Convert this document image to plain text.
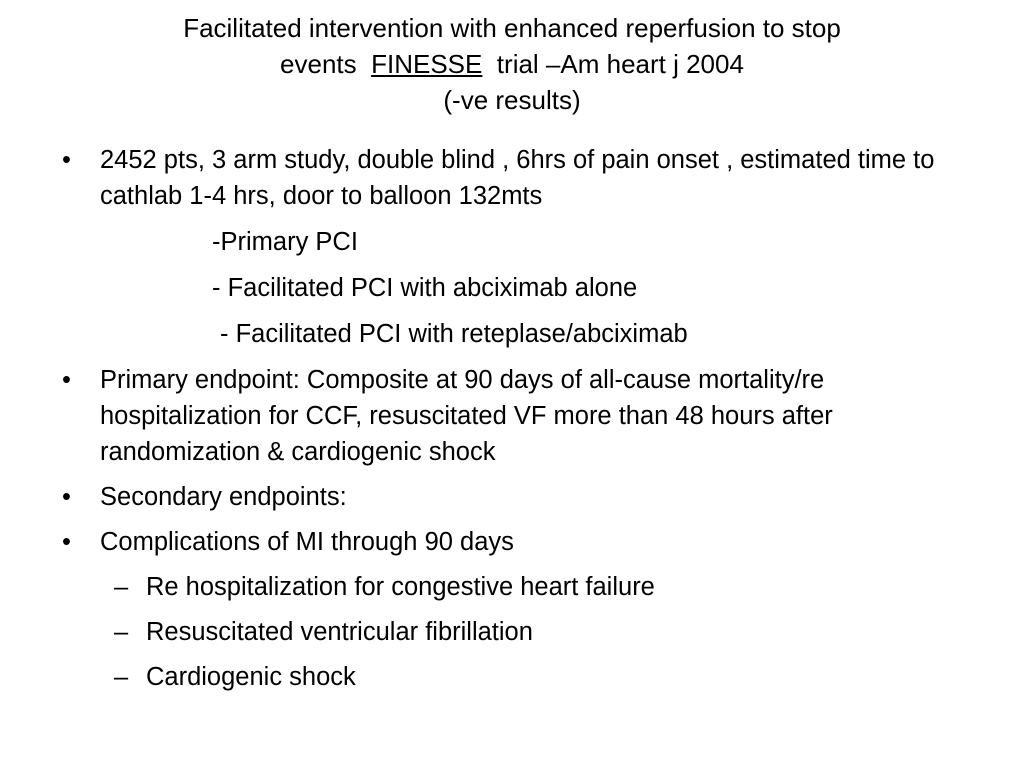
Facilitated intervention with enhanced reperfusion to stop
events  FINESSE  trial –Am heart j 2004
(-ve results)
• 2452 pts, 3 arm study, double blind , 6hrs of pain onset , estimated time to cathlab 1-4 hrs, door to balloon 132mts
-Primary PCI
- Facilitated PCI with abciximab alone
- Facilitated PCI with reteplase/abciximab
• Primary endpoint: Composite at 90 days of all-cause mortality/re hospitalization for CCF, resuscitated VF more than 48 hours after randomization & cardiogenic shock
• Secondary endpoints:
• Complications of MI through 90 days
– Re hospitalization for congestive heart failure
– Resuscitated ventricular fibrillation
– Cardiogenic shock
